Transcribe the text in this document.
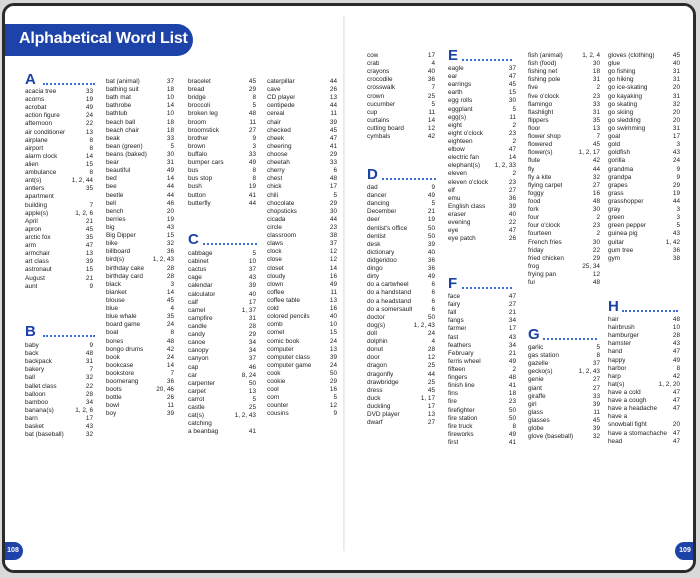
Alphabetical Word List
A
acacia tree	33
acorns	19
acrobat	49
action figure	24
afternoon	22
air conditioner	13
airplane	8
airport	8
alarm clock	14
alien	15
ambulance	8
ant(s)	1, 2, 44
antlers	35
apartment
building	7
apple(s)	1, 2, 6
April	21
apron	45
arctic fox	35
arm	47
armchair	13
art class	39
astronaut	15
August	21
aunt	9
B
baby	9
back	48
backpack	31
bakery	7
ball	32
ballet class	22
balloon	28
bamboo	34
banana(s)	1, 2, 6
barn	17
basket	43
bat (baseball)	32
bat (animal)	37
bathing suit	18
bath mat	10
bathrobe	14
bathtub	10
beach ball	18
beach chair	18
beak	33
bean (green)	5
beans (baked)	30
bear	31
beautiful	49
bed	14
bee	44
beetle	44
bell	46
bench	20
berries	19
big	43
Big Dipper	15
bike	32
billboard	36
bird(s)	1, 2, 43
birthday cake	28
birthday card	28
black	3
blanket	14
blouse	45
blue	4
blue whale	35
board game	24
boat	8
bones	48
bongo drums	42
book	24
bookcase	14
bookstore	7
boomerang	36
boots	20, 46
bottle	26
bowl	11
boy	39
bracelet	45
bread	29
bridge	8
broccoli	5
broken leg	48
broom	11
broomstick	27
brother	9
brown	3
buffalo	33
bumper cars	49
bus	8
bus stop	8
bush	19
button	41
butterfly	44
C
cabbage	5
cabinet	10
cactus	37
cage	43
calendar	39
calculator	40
calf	17
camel	1, 37
campfire	31
candle	28
candy	29
canoe	34
canopy	34
canyon	37
cap	46
car	8, 24
carpenter	50
carpet	13
carrot	5
castle	25
cat(s)	1, 2, 43
catching
a beanbag	41
caterpillar	44
cave	26
CD player	13
centipede	44
cereal	11
chair	39
checked	45
cheek	47
cheering	41
choose	29
cheetah	33
cherry	6
chest	48
chick	17
chili	5
chocolate	29
chopsticks	30
cicada	44
circle	23
classroom	38
claws	37
clock	12
close	12
closet	14
cloudy	16
clown	49
coffee	11
coffee table	13
cold	16
colored pencils	40
comb	10
comet	15
comic book	24
computer	13
computer class	39
computer game	24
cook	50
cookie	29
cool	16
corn	5
counter	12
cousins	9
108
cow	17
crab	4
crayons	40
crocodile	36
crosswalk	7
crown	25
cucumber	5
cup	11
curtains	14
cutting board	12
cymbals	42
D
dad	9
dancer	49
dancing	5
December	21
deer	19
dentist's office	50
dentist	50
desk	39
dictionary	40
didgeridoo	36
dingo	36
dirty	49
do a cartwheel	6
do a handstand	6
do a headstand	6
do a somersault	6
doctor	50
dog(s)	1, 2, 43
doll	24
dolphin	4
donut	28
door	12
dragon	25
dragonfly	44
drawbridge	25
dress	45
duck	1, 17
duckling	17
DVD player	13
dwarf	27
E
eagle	37
ear	47
earrings	45
earth	15
egg rolls	30
eggplant	5
egg(s)	11
eight	2
eight o'clock	23
eighteen	2
elbow	47
electric fan	14
elephant(s)	1, 2, 33
eleven	2
eleven o'clock	23
elf	27
emu	36
English class	39
eraser	40
evening	22
eye	47
eye patch	26
F
face	47
fairy	27
fall	21
fangs	34
farmer	17
fast	43
feathers	34
February	21
ferris wheel	49
fifteen	2
fingers	48
finish line	41
fins	18
fire	23
firefighter	50
fire station	50
fire truck	8
fireworks	49
first	41
fish (animal)	1, 2, 4
fish (food)	30
fishing net	18
fishing pole	31
five	2
five o'clock	23
flamingo	33
flashlight	31
flippers	35
floor	13
flower shop	7
flowered	45
flower(s)	1, 2, 17
flute	42
fly	44
fly a kite	32
flying carpet	27
foggy	16
food	48
fork	30
four	2
four o'clock	23
fourteen	2
French fries	30
friday	22
fried chicken	29
frog	25, 34
frying pan	12
fur	48
G
garlic	5
gas station	8
gazelle	37
gecko(s)	1, 2, 43
genie	27
giant	27
giraffe	33
girl	39
glass	11
glasses	45
globe	39
glove (baseball)	32
gloves (clothing)	45
glue	40
go fishing	31
go hiking	31
go ice-skating	20
go kayaking	31
go skating	32
go skiing	20
go sledding	20
go swimming	31
goat	17
gold	3
goldfish	43
gorilla	24
grandma	9
grandpa	9
grapes	29
grass	19
grasshopper	44
gray	3
green	3
green pepper	5
guinea pig	43
guitar	1, 42
gum tree	36
gym	38
H
hair	48
hairbrush	10
hamburger	28
hamster	43
hand	47
happy	49
harbor	8
harp	42
hat(s)	1, 2, 20
have a cold	47
have a cough	47
have a headache	47
have a
snowball fight	20
have a stomachache 47
head	47
109
